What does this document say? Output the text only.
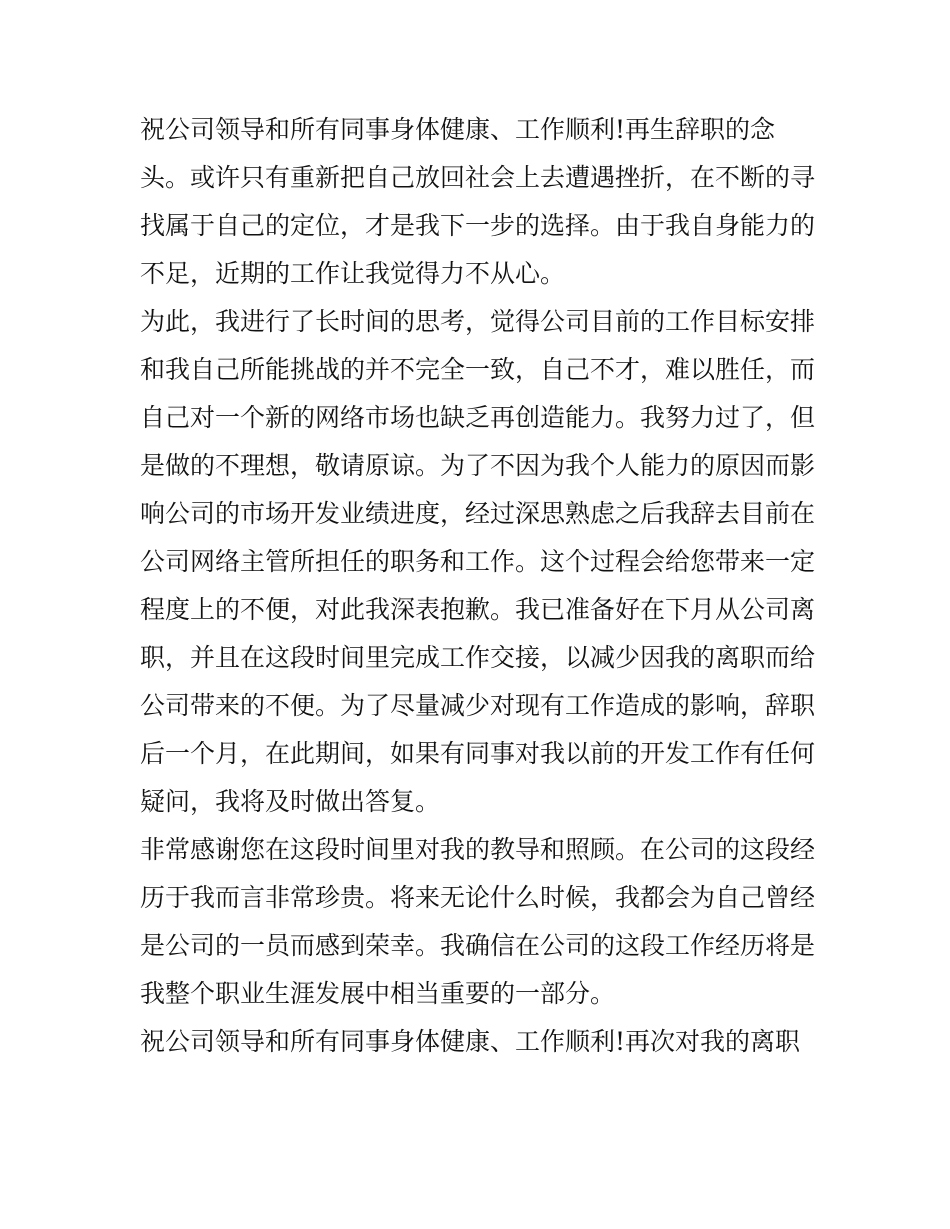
祝公司领导和所有同事身体健康、工作顺利!再生辞职的念
头。或许只有重新把自己放回社会上去遭遇挫折，在不断的寻
找属于自己的定位，才是我下一步的选择。由于我自身能力的
不足，近期的工作让我觉得力不从心。
为此，我进行了长时间的思考，觉得公司目前的工作目标安排
和我自己所能挑战的并不完全一致，自己不才，难以胜任，而
自己对一个新的网络市场也缺乏再创造能力。我努力过了，但
是做的不理想，敬请原谅。为了不因为我个人能力的原因而影
响公司的市场开发业绩进度，经过深思熟虑之后我辞去目前在
公司网络主管所担任的职务和工作。这个过程会给您带来一定
程度上的不便，对此我深表抱歉。我已准备好在下月从公司离
职，并且在这段时间里完成工作交接，以减少因我的离职而给
公司带来的不便。为了尽量减少对现有工作造成的影响，辞职
后一个月，在此期间，如果有同事对我以前的开发工作有任何
疑问，我将及时做出答复。
非常感谢您在这段时间里对我的教导和照顾。在公司的这段经
历于我而言非常珍贵。将来无论什么时候，我都会为自己曾经
是公司的一员而感到荣幸。我确信在公司的这段工作经历将是
我整个职业生涯发展中相当重要的一部分。
祝公司领导和所有同事身体健康、工作顺利!再次对我的离职
